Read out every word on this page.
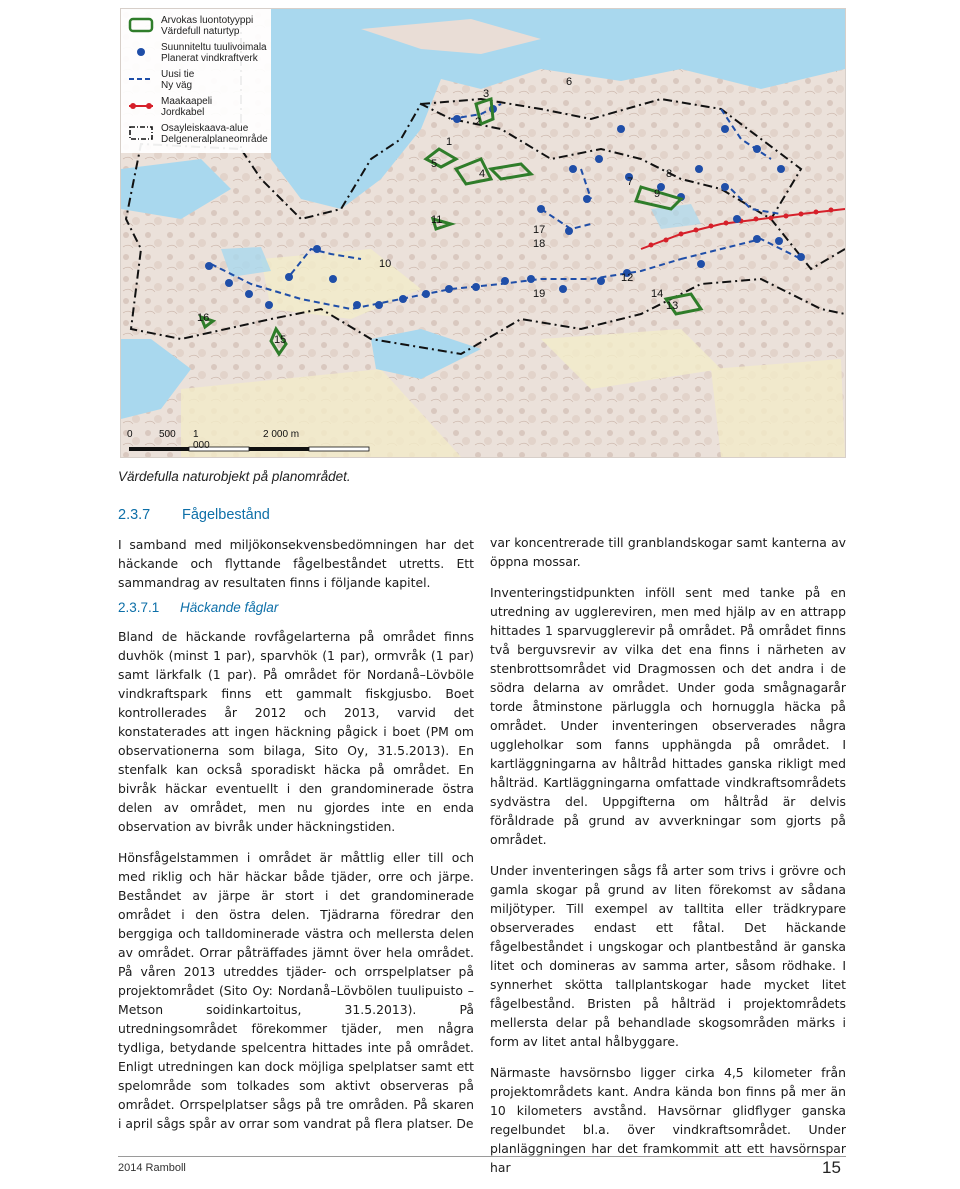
1
2
3
4
5
6
7
8
9
10
11
12
13
14
15
16
17
18
19
Arvokas luontotyyppi
Värdefull naturtyp
Suunniteltu tuulivoimala
Planerat vindkraftverk
Uusi tie
Ny väg
Maakaapeli
Jordkabel
Osayleiskaava-alue
Delgeneralplaneområde
0	500 1 000
2 000 m
Värdefulla naturobjekt på planområdet.
2.3.7 Fågelbestånd

I samband med miljökonsekvensbedömningen har det häckande och flyttande fågelbeståndet utretts. Ett sammandrag av resultaten finns i följande kapitel.

2.3.7.1 Häckande fåglar

Bland de häckande rovfågelarterna på området finns duvhök (minst 1 par), sparvhök (1 par), ormvråk (1 par) samt lärkfalk (1 par). På området för Nordanå–Lövböle vindkraftspark finns ett gammalt fiskgjusbo. Boet kontrollerades år 2012 och 2013, varvid det konstaterades att ingen häckning pågick i boet (PM om observationerna som bilaga, Sito Oy, 31.5.2013). En stenfalk kan också sporadiskt häcka på området. En bivråk häckar eventuellt i den grandominerade östra delen av området, men nu gjordes inte en enda observation av bivråk under häckningstiden.

Hönsfågelstammen i området är måttlig eller till och med riklig och här häckar både tjäder, orre och järpe. Beståndet av järpe är stort i det grandominerade området i den östra delen. Tjädrarna föredrar den berggiga och talldominerade västra och mellersta delen av området. Orrar påträffades jämnt över hela området. På våren 2013 utreddes tjäder- och orrspelplatser på projektområdet (Sito Oy: Nordanå–Lövbölen tuulipuisto – Metson soidinkartoitus, 31.5.2013). På utredningsområdet förekommer tjäder, men några tydliga, betydande spelcentra hittades inte på området. Enligt utredningen kan dock möjliga spelplatser samt ett spelområde som tolkades som aktivt observeras på området. Orrspelplatser sågs på tre områden. På skaren i april sågs spår av orrar som vandrat på flera platser. De

var koncentrerade till granblandskogar samt kanterna av öppna mossar.

Inventeringstidpunkten inföll sent med tanke på en utredning av ugglereviren, men med hjälp av en attrapp hittades 1 sparvugglerevir på området. På området finns två berguvsrevir av vilka det ena finns i närheten av stenbrottsområdet vid Dragmossen och det andra i de södra delarna av området. Under goda smågnagarår torde åtminstone pärluggla och hornuggla häcka på området. Under inventeringen observerades några uggleholkar som fanns upphängda på området. I kartläggningarna av håltråd hittades ganska rikligt med hålträd. Kartläggningarna omfattade vindkraftsområdets sydvästra del. Uppgifterna om håltråd är delvis föråldrade på grund av avverkningar som gjorts på området.

Under inventeringen sågs få arter som trivs i grövre och gamla skogar på grund av liten förekomst av sådana miljötyper. Till exempel av talltita eller trädkrypare observerades endast ett fåtal. Det häckande fågelbeståndet i ungskogar och plantbestånd är ganska litet och domineras av samma arter, såsom rödhake. I synnerhet skötta tallplantskogar hade mycket litet fågelbestånd. Bristen på hålträd i projektområdets mellersta delar på behandlade skogsområden märks i form av litet antal hålbyggare.

Närmaste havsörnsbo ligger cirka 4,5 kilometer från projektområdets kant. Andra kända bon finns på mer än 10 kilometers avstånd. Havsörnar glidflyger ganska regelbundet bl.a. över vindkraftsområdet. Under planläggningen har det framkommit att ett havsörnspar har

2014 Ramboll	15
